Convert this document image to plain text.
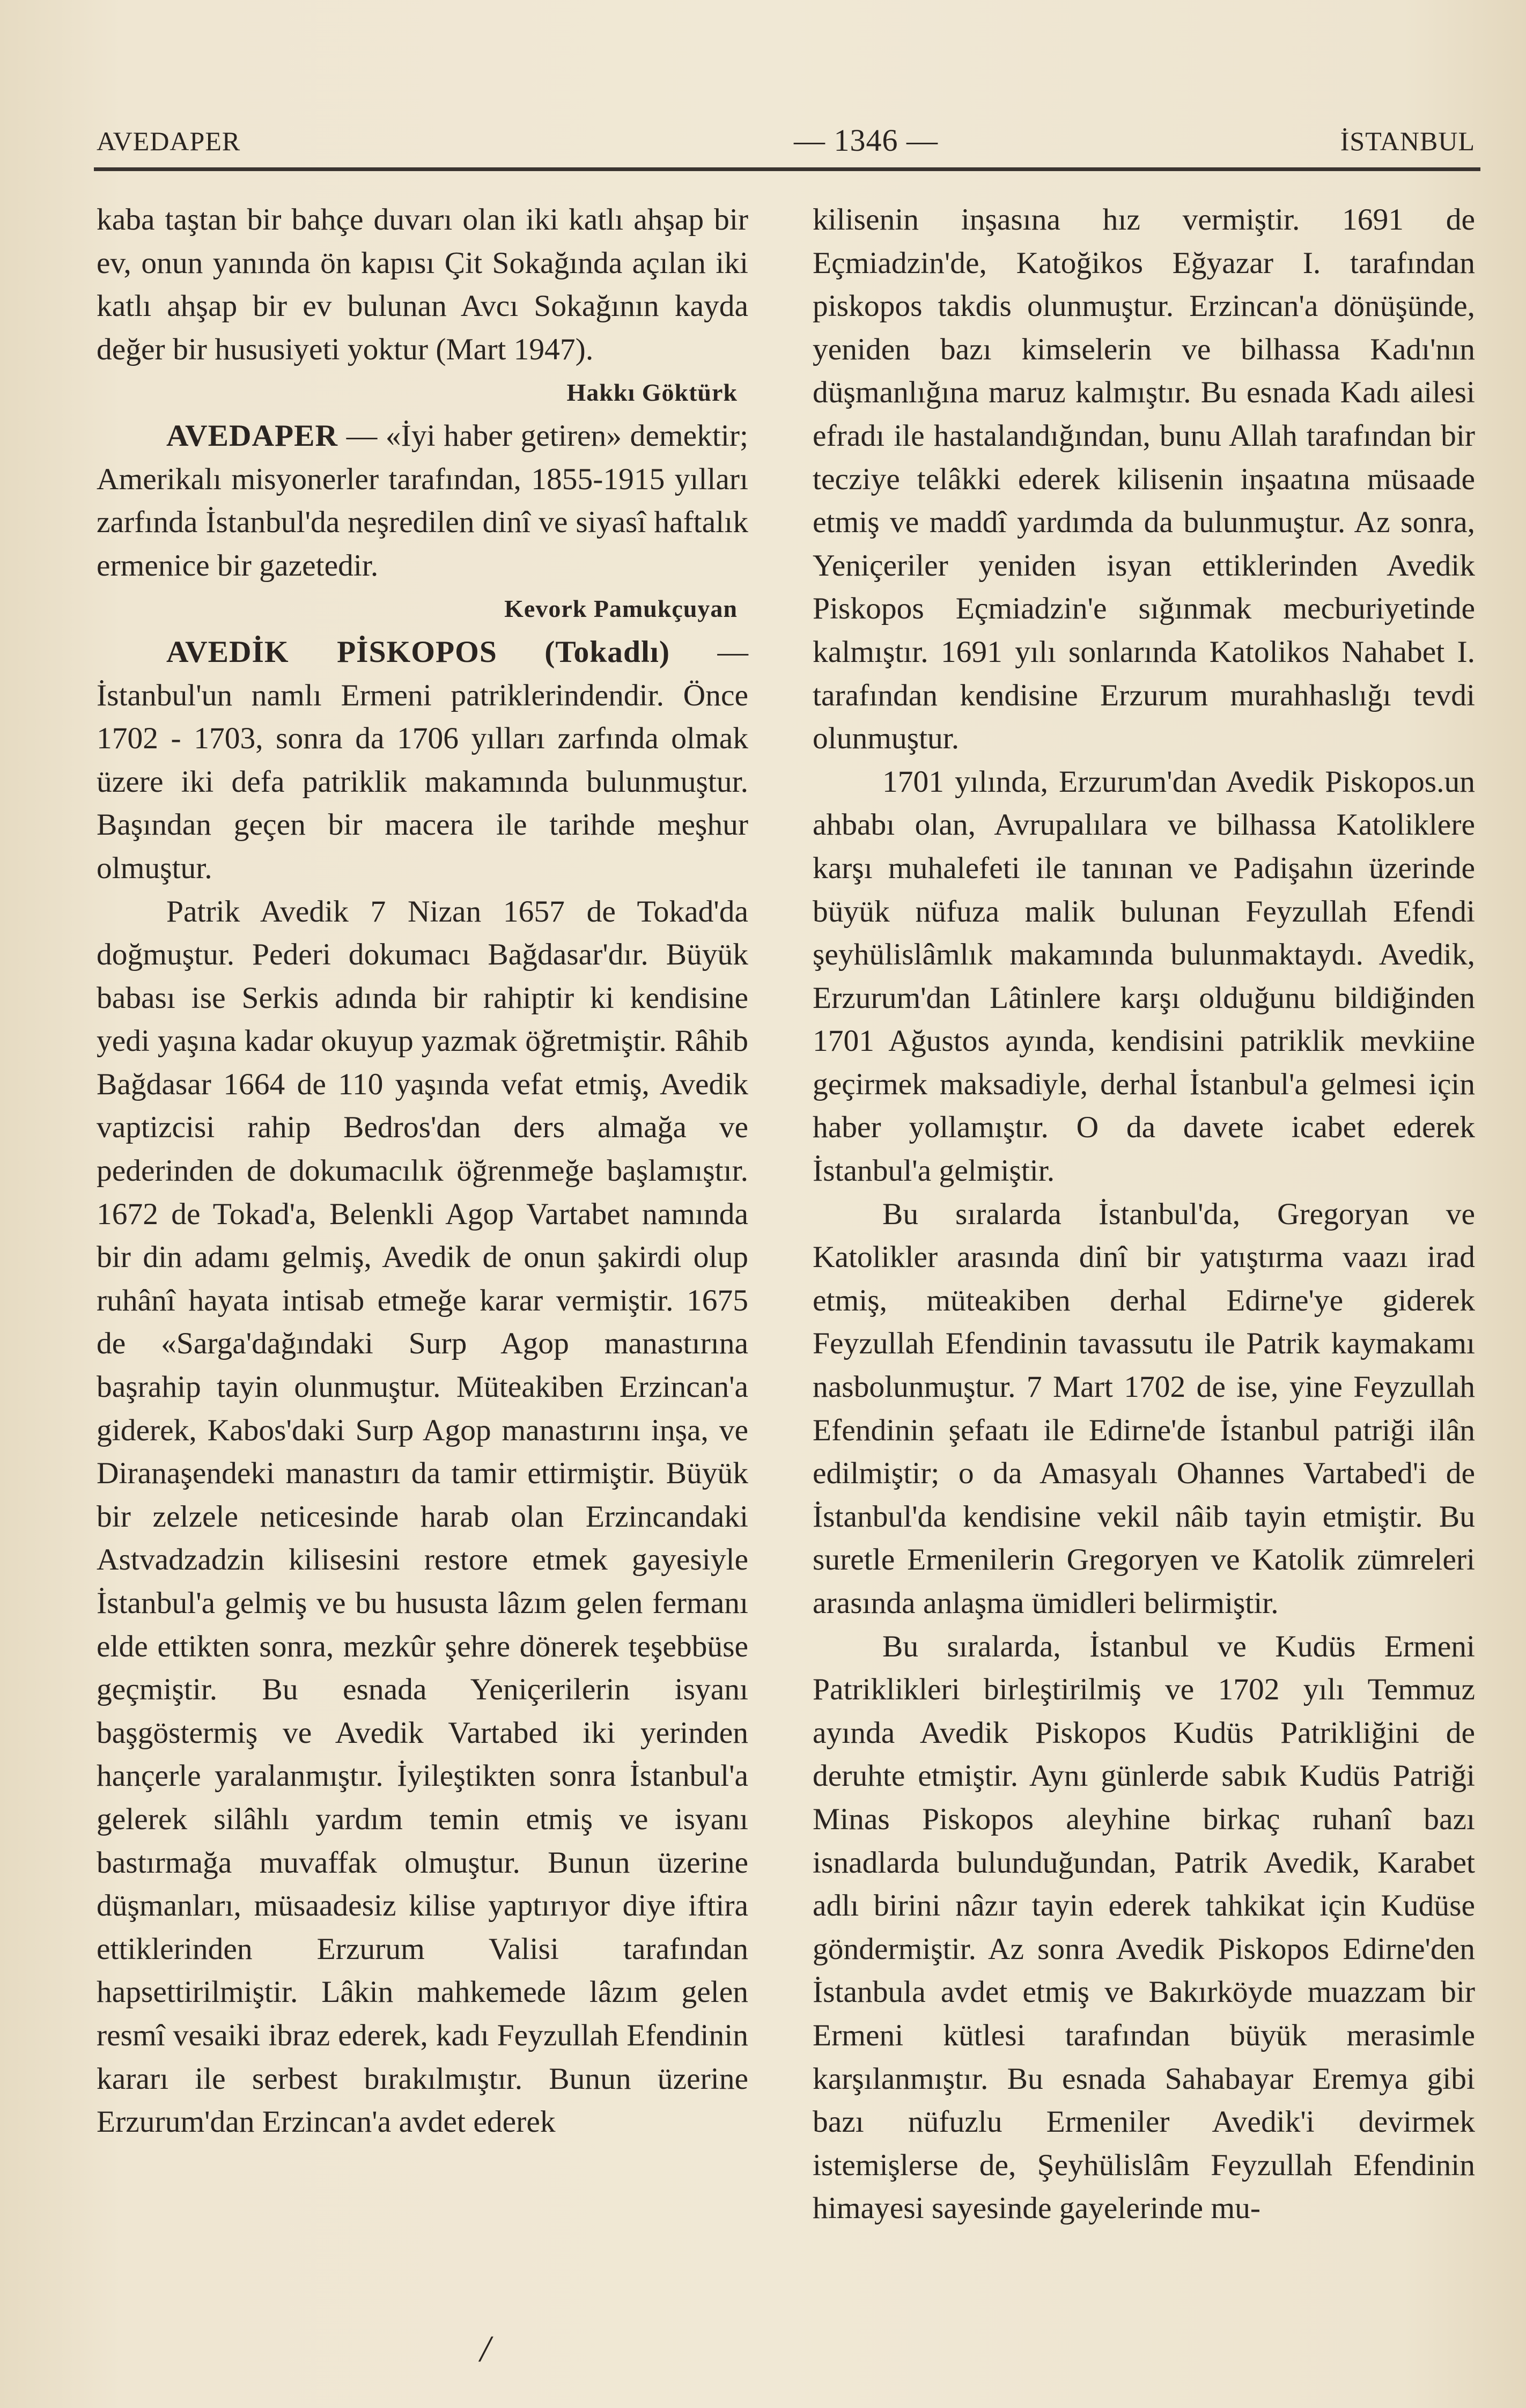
AVEDAPER	— 1346 —	İSTANBUL

kaba taştan bir bahçe duvarı olan iki katlı ahşap bir ev, onun yanında ön kapısı Çit Sokağında açılan iki katlı ahşap bir ev bulunan Avcı Sokağının kayda değer bir hususiyeti yoktur (Mart 1947).

Hakkı Göktürk

AVEDAPER — «İyi haber getiren» demektir; Amerikalı misyonerler tarafından, 1855-1915 yılları zarfında İstanbul'da neşredilen dinî ve siyasî haftalık ermenice bir gazetedir.

Kevork Pamukçuyan

AVEDİK PİSKOPOS (Tokadlı) — İstanbul'un namlı Ermeni patriklerindendir. Önce 1702 - 1703, sonra da 1706 yılları zarfında olmak üzere iki defa patriklik makamında bulunmuştur. Başından geçen bir macera ile tarihde meşhur olmuştur.

Patrik Avedik 7 Nizan 1657 de Tokad'da doğmuştur. Pederi dokumacı Bağdasar'dır. Büyük babası ise Serkis adında bir rahiptir ki kendisine yedi yaşına kadar okuyup yazmak öğretmiştir. Râhib Bağdasar 1664 de 110 yaşında vefat etmiş, Avedik vaptizcisi rahip Bedros'dan ders almağa ve pederinden de dokumacılık öğrenmeğe başlamıştır. 1672 de Tokad'a, Belenkli Agop Vartabet namında bir din adamı gelmiş, Avedik de onun şakirdi olup ruhânî hayata intisab etmeğe karar vermiştir. 1675 de «Sarga'dağındaki Surp Agop manastırına başrahip tayin olunmuştur. Müteakiben Erzincan'a giderek, Kabos'daki Surp Agop manastırını inşa, ve Diranaşendeki manastırı da tamir ettirmiştir. Büyük bir zelzele neticesinde harab olan Erzincandaki Astvadzadzin kilisesini restore etmek gayesiyle İstanbul'a gelmiş ve bu hususta lâzım gelen fermanı elde ettikten sonra, mezkûr şehre dönerek teşebbüse geçmiştir. Bu esnada Yeniçerilerin isyanı başgöstermiş ve Avedik Vartabed iki yerinden hançerle yaralanmıştır. İyileştikten sonra İstanbul'a gelerek silâhlı yardım temin etmiş ve isyanı bastırmağa muvaffak olmuştur. Bunun üzerine düşmanları, müsaadesiz kilise yaptırıyor diye iftira ettiklerinden Erzurum Valisi tarafından hapsettirilmiştir. Lâkin mahkemede lâzım gelen resmî vesaiki ibraz ederek, kadı Feyzullah Efendinin kararı ile serbest bırakılmıştır. Bunun üzerine Erzurum'dan Erzincan'a avdet ederek

kilisenin inşasına hız vermiştir. 1691 de Eçmiadzin'de, Katoğikos Eğyazar I. tarafından piskopos takdis olunmuştur. Erzincan'a dönüşünde, yeniden bazı kimselerin ve bilhassa Kadı'nın düşmanlığına maruz kalmıştır. Bu esnada Kadı ailesi efradı ile hastalandığından, bunu Allah tarafından bir tecziye telâkki ederek kilisenin inşaatına müsaade etmiş ve maddî yardımda da bulunmuştur. Az sonra, Yeniçeriler yeniden isyan ettiklerinden Avedik Piskopos Eçmiadzin'e sığınmak mecburiyetinde kalmıştır. 1691 yılı sonlarında Katolikos Nahabet I. tarafından kendisine Erzurum murahhaslığı tevdi olunmuştur.

1701 yılında, Erzurum'dan Avedik Piskopos.un ahbabı olan, Avrupalılara ve bilhassa Katoliklere karşı muhalefeti ile tanınan ve Padişahın üzerinde büyük nüfuza malik bulunan Feyzullah Efendi şeyhülislâmlık makamında bulunmaktaydı. Avedik, Erzurum'dan Lâtinlere karşı olduğunu bildiğinden 1701 Ağustos ayında, kendisini patriklik mevkiine geçirmek maksadiyle, derhal İstanbul'a gelmesi için haber yollamıştır. O da davete icabet ederek İstanbul'a gelmiştir.

Bu sıralarda İstanbul'da, Gregoryan ve Katolikler arasında dinî bir yatıştırma vaazı irad etmiş, müteakiben derhal Edirne'ye giderek Feyzullah Efendinin tavassutu ile Patrik kaymakamı nasbolunmuştur. 7 Mart 1702 de ise, yine Feyzullah Efendinin şefaatı ile Edirne'de İstanbul patriği ilân edilmiştir; o da Amasyalı Ohannes Vartabed'i de İstanbul'da kendisine vekil nâib tayin etmiştir. Bu suretle Ermenilerin Gregoryen ve Katolik zümreleri arasında anlaşma ümidleri belirmiştir.

Bu sıralarda, İstanbul ve Kudüs Ermeni Patriklikleri birleştirilmiş ve 1702 yılı Temmuz ayında Avedik Piskopos Kudüs Patrikliğini de deruhte etmiştir. Aynı günlerde sabık Kudüs Patriği Minas Piskopos aleyhine birkaç ruhanî bazı isnadlarda bulunduğundan, Patrik Avedik, Karabet adlı birini nâzır tayin ederek tahkikat için Kudüse göndermiştir. Az sonra Avedik Piskopos Edirne'den İstanbula avdet etmiş ve Bakırköyde muazzam bir Ermeni kütlesi tarafından büyük merasimle karşılanmıştır. Bu esnada Sahabayar Eremya gibi bazı nüfuzlu Ermeniler Avedik'i devirmek istemişlerse de, Şeyhülislâm Feyzullah Efendinin himayesi sayesinde gayelerinde mu-

/
